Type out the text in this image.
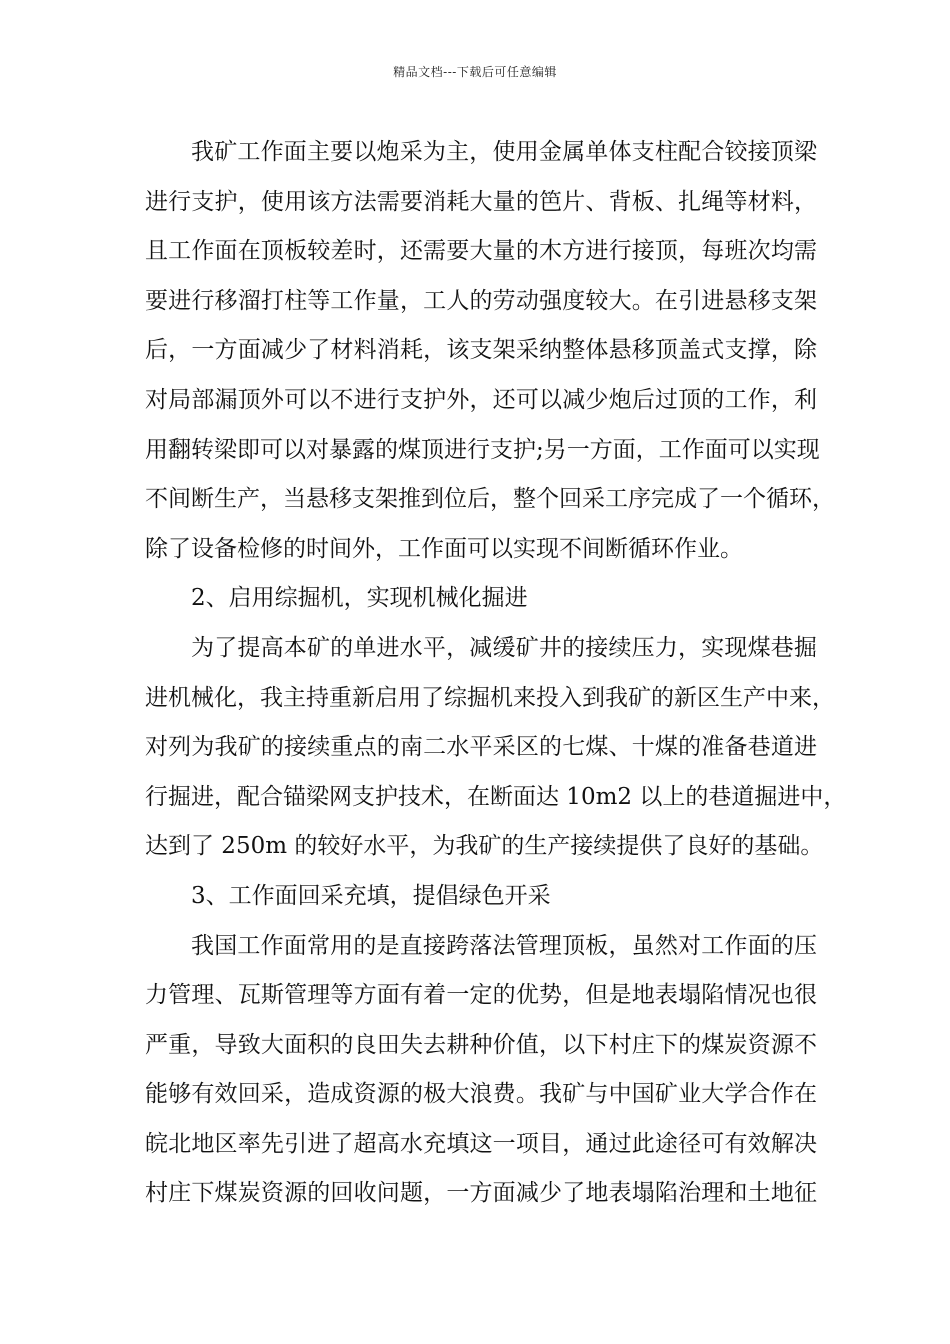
精品文档---下载后可任意编辑
我矿工作面主要以炮采为主，使用金属单体支柱配合铰接顶梁
进行支护，使用该方法需要消耗大量的笆片、背板、扎绳等材料，
且工作面在顶板较差时，还需要大量的木方进行接顶，每班次均需
要进行移溜打柱等工作量，工人的劳动强度较大。在引进悬移支架
后，一方面减少了材料消耗，该支架采纳整体悬移顶盖式支撑，除
对局部漏顶外可以不进行支护外，还可以减少炮后过顶的工作，利
用翻转梁即可以对暴露的煤顶进行支护;另一方面，工作面可以实现
不间断生产，当悬移支架推到位后，整个回采工序完成了一个循环，
除了设备检修的时间外，工作面可以实现不间断循环作业。
2、启用综掘机，实现机械化掘进
为了提高本矿的单进水平，减缓矿井的接续压力，实现煤巷掘
进机械化，我主持重新启用了综掘机来投入到我矿的新区生产中来，
对列为我矿的接续重点的南二水平采区的七煤、十煤的准备巷道进
行掘进，配合锚梁网支护技术，在断面达 10m2 以上的巷道掘进中，
达到了 250m 的较好水平，为我矿的生产接续提供了良好的基础。
3、工作面回采充填，提倡绿色开采
我国工作面常用的是直接跨落法管理顶板，虽然对工作面的压
力管理、瓦斯管理等方面有着一定的优势，但是地表塌陷情况也很
严重，导致大面积的良田失去耕种价值，以下村庄下的煤炭资源不
能够有效回采，造成资源的极大浪费。我矿与中国矿业大学合作在
皖北地区率先引进了超高水充填这一项目，通过此途径可有效解决
村庄下煤炭资源的回收问题，一方面减少了地表塌陷治理和土地征
